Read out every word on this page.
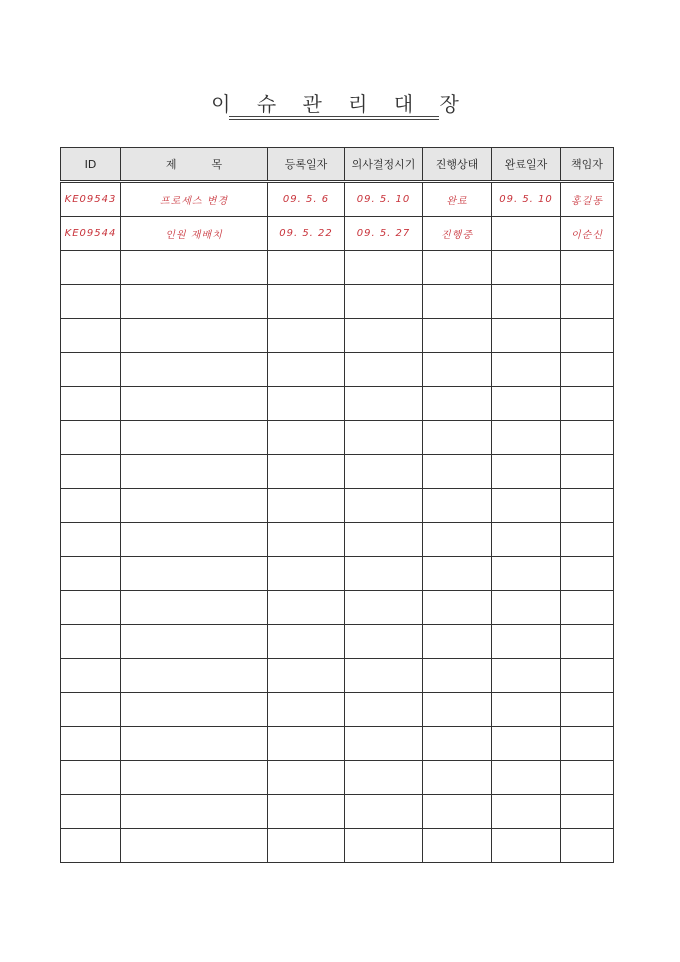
이 슈 관 리 대 장
ID	제          목	등록일자	의사결정시기	진행상태	완료일자	책임자
KE09543	프로세스 변경	09. 5. 6	09. 5. 10	완료	09. 5. 10	홍길동
KE09544	인원 재배치	09. 5. 22	09. 5. 27	진행중		이순신
